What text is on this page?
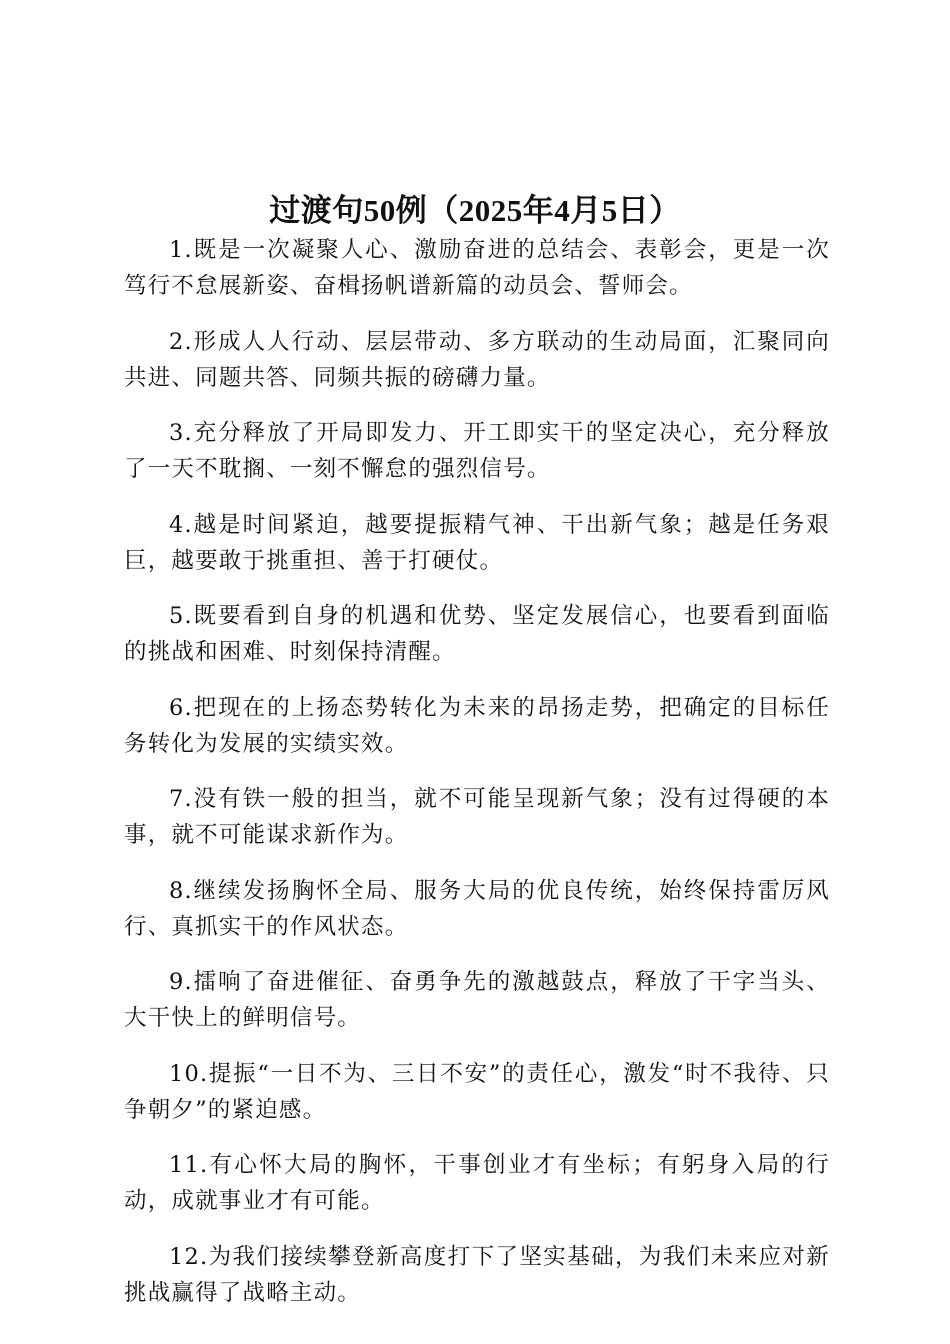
过渡句50例（2025年4月5日）

1.既是一次凝聚人心、激励奋进的总结会、表彰会，更是一次笃行不怠展新姿、奋楫扬帆谱新篇的动员会、誓师会。

2.形成人人行动、层层带动、多方联动的生动局面，汇聚同向共进、同题共答、同频共振的磅礴力量。

3.充分释放了开局即发力、开工即实干的坚定决心，充分释放了一天不耽搁、一刻不懈怠的强烈信号。

4.越是时间紧迫，越要提振精气神、干出新气象；越是任务艰巨，越要敢于挑重担、善于打硬仗。

5.既要看到自身的机遇和优势、坚定发展信心，也要看到面临的挑战和困难、时刻保持清醒。

6.把现在的上扬态势转化为未来的昂扬走势，把确定的目标任务转化为发展的实绩实效。

7.没有铁一般的担当，就不可能呈现新气象；没有过得硬的本事，就不可能谋求新作为。

8.继续发扬胸怀全局、服务大局的优良传统，始终保持雷厉风行、真抓实干的作风状态。

9.擂响了奋进催征、奋勇争先的激越鼓点，释放了干字当头、大干快上的鲜明信号。

10.提振“一日不为、三日不安”的责任心，激发“时不我待、只争朝夕”的紧迫感。

11.有心怀大局的胸怀，干事创业才有坐标；有躬身入局的行动，成就事业才有可能。

12.为我们接续攀登新高度打下了坚实基础，为我们未来应对新挑战赢得了战略主动。
